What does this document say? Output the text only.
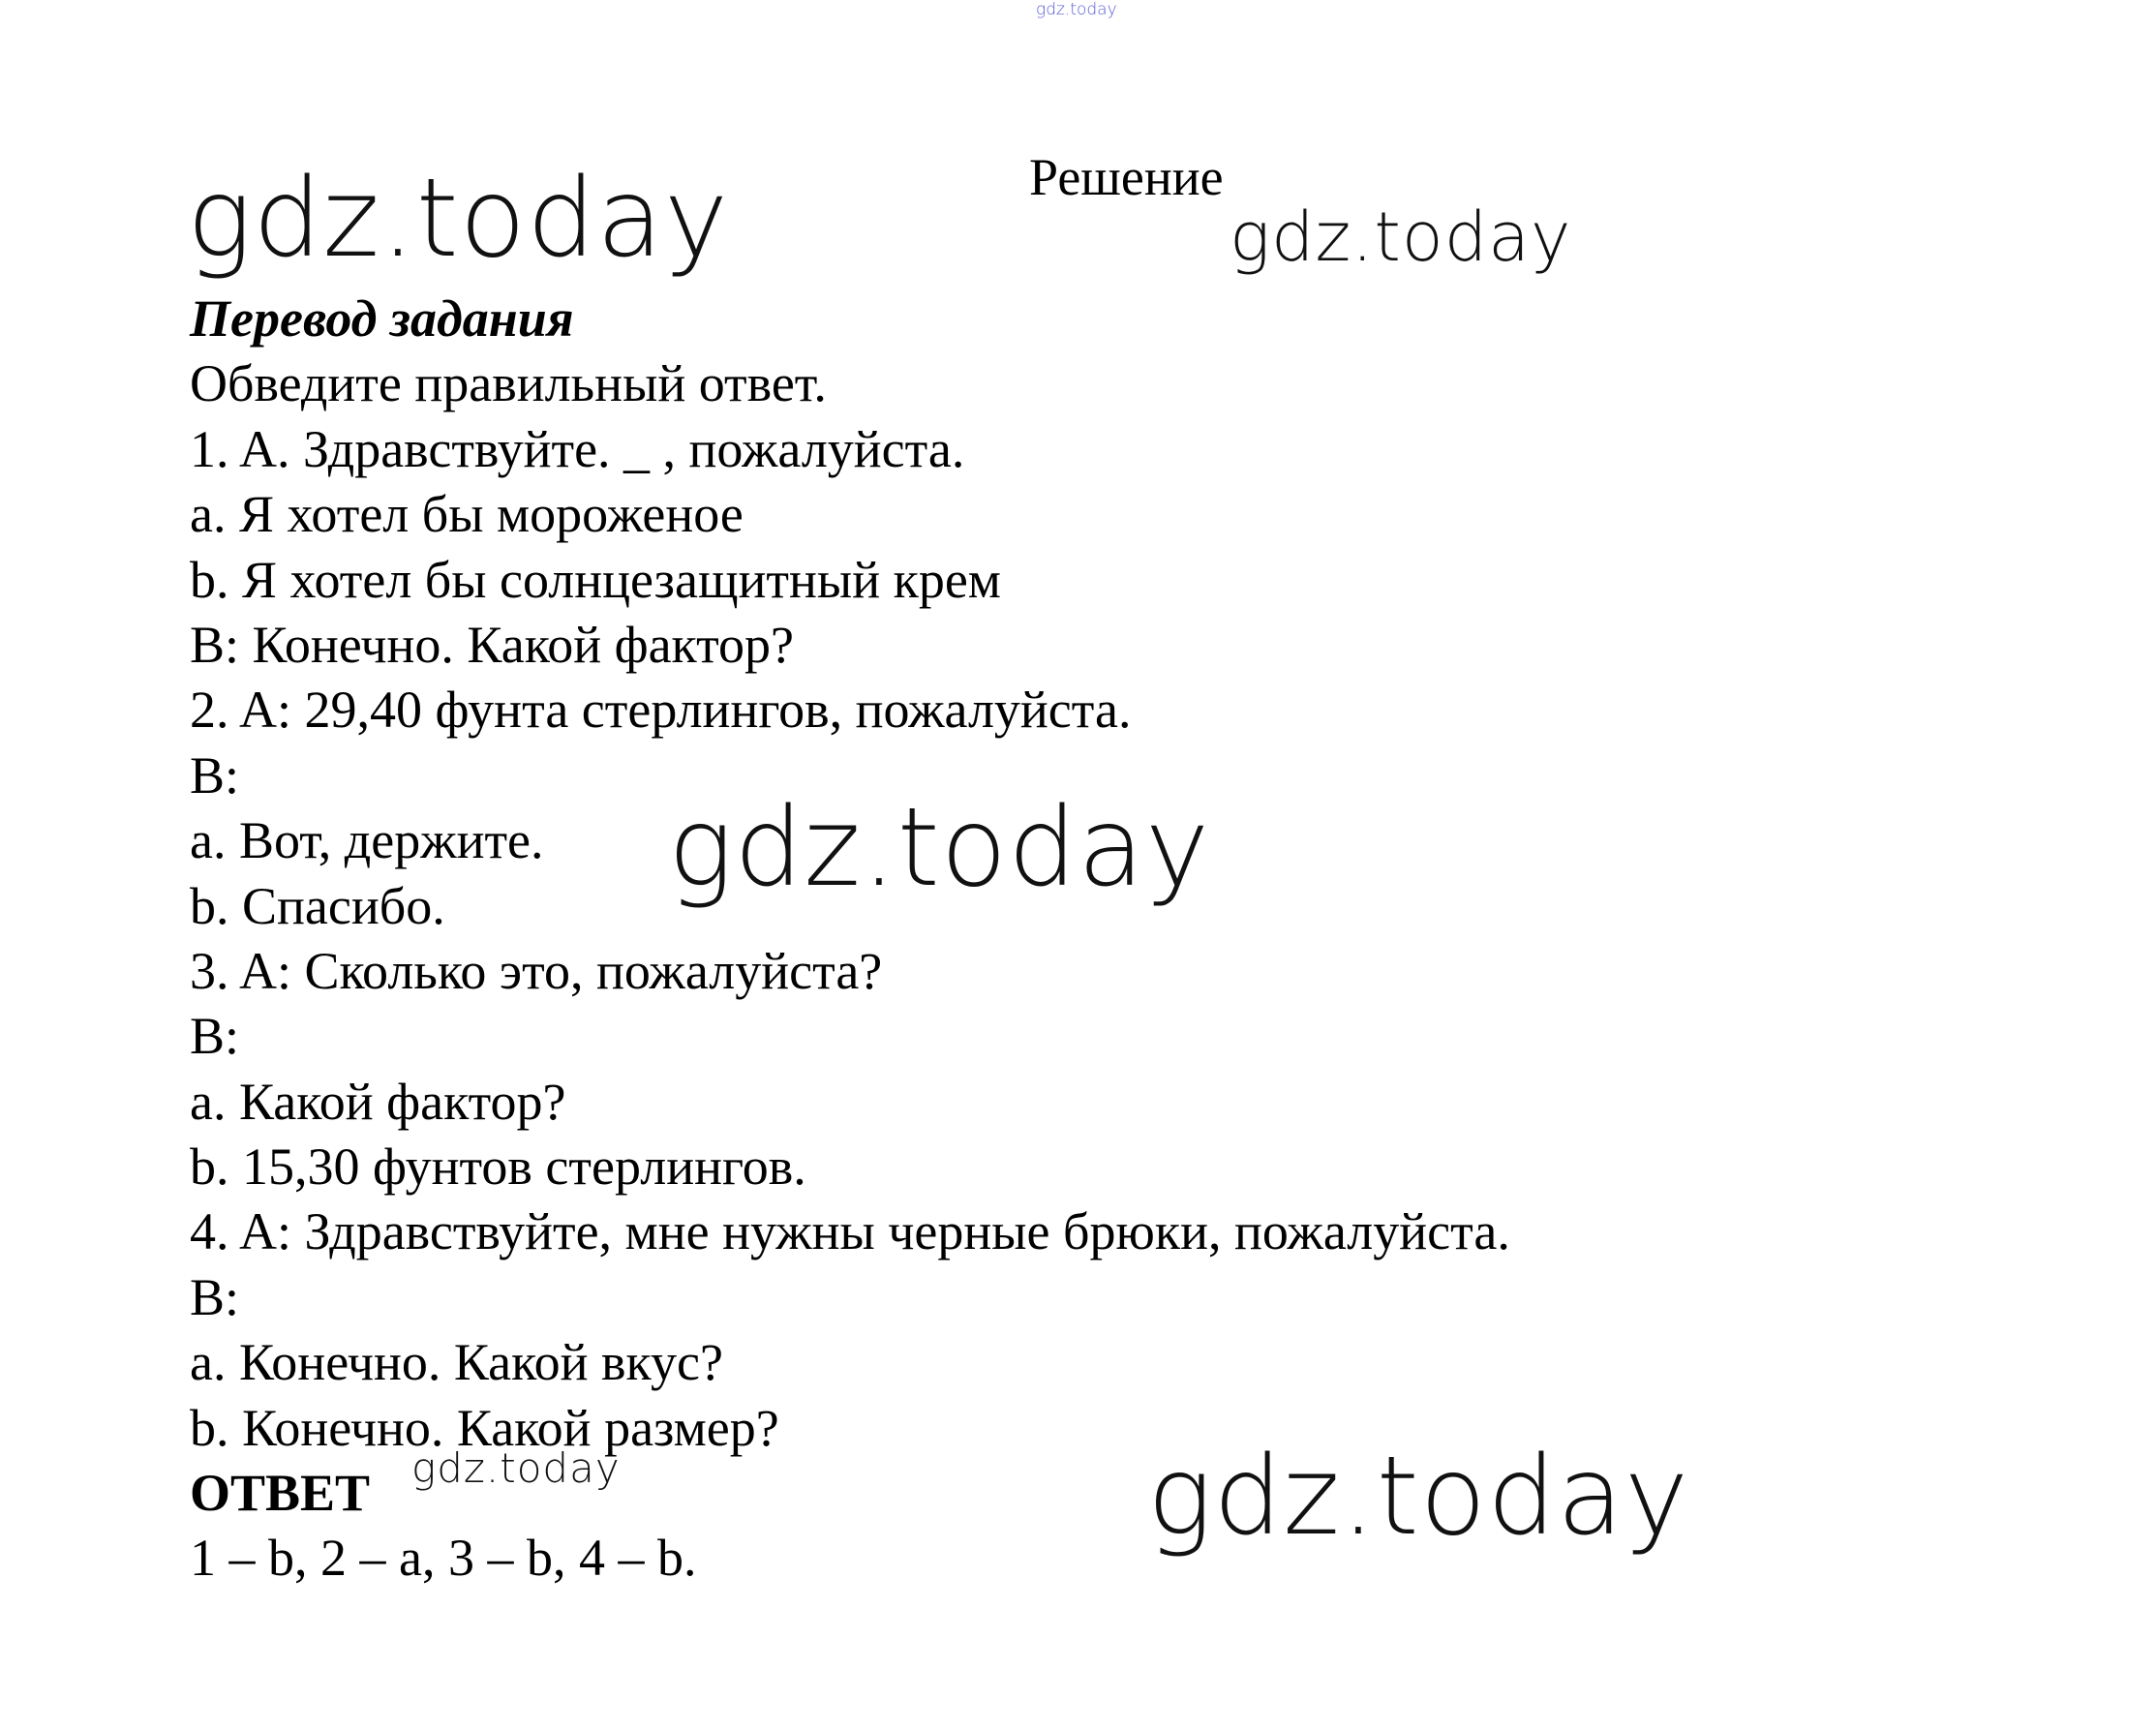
gdz.today
gdz.today	gdz.today
gdz.today
gdz.today	gdz.today
Решение
Перевод задания
Обведите правильный ответ.
1. A. Здравствуйте. _ , пожалуйста.
a. Я хотел бы мороженое
b. Я хотел бы солнцезащитный крем
B: Конечно. Какой фактор?
2. A: 29,40 фунта стерлингов, пожалуйста.
B:
a. Вот, держите.
b. Спасибо.
3. A: Сколько это, пожалуйста?
B:
a. Какой фактор?
b. 15,30 фунтов стерлингов.
4. A: Здравствуйте, мне нужны черные брюки, пожалуйста.
B:
a. Конечно. Какой вкус?
b. Конечно. Какой размер?
ОТВЕТ
1 – b, 2 – a, 3 – b, 4 – b.
